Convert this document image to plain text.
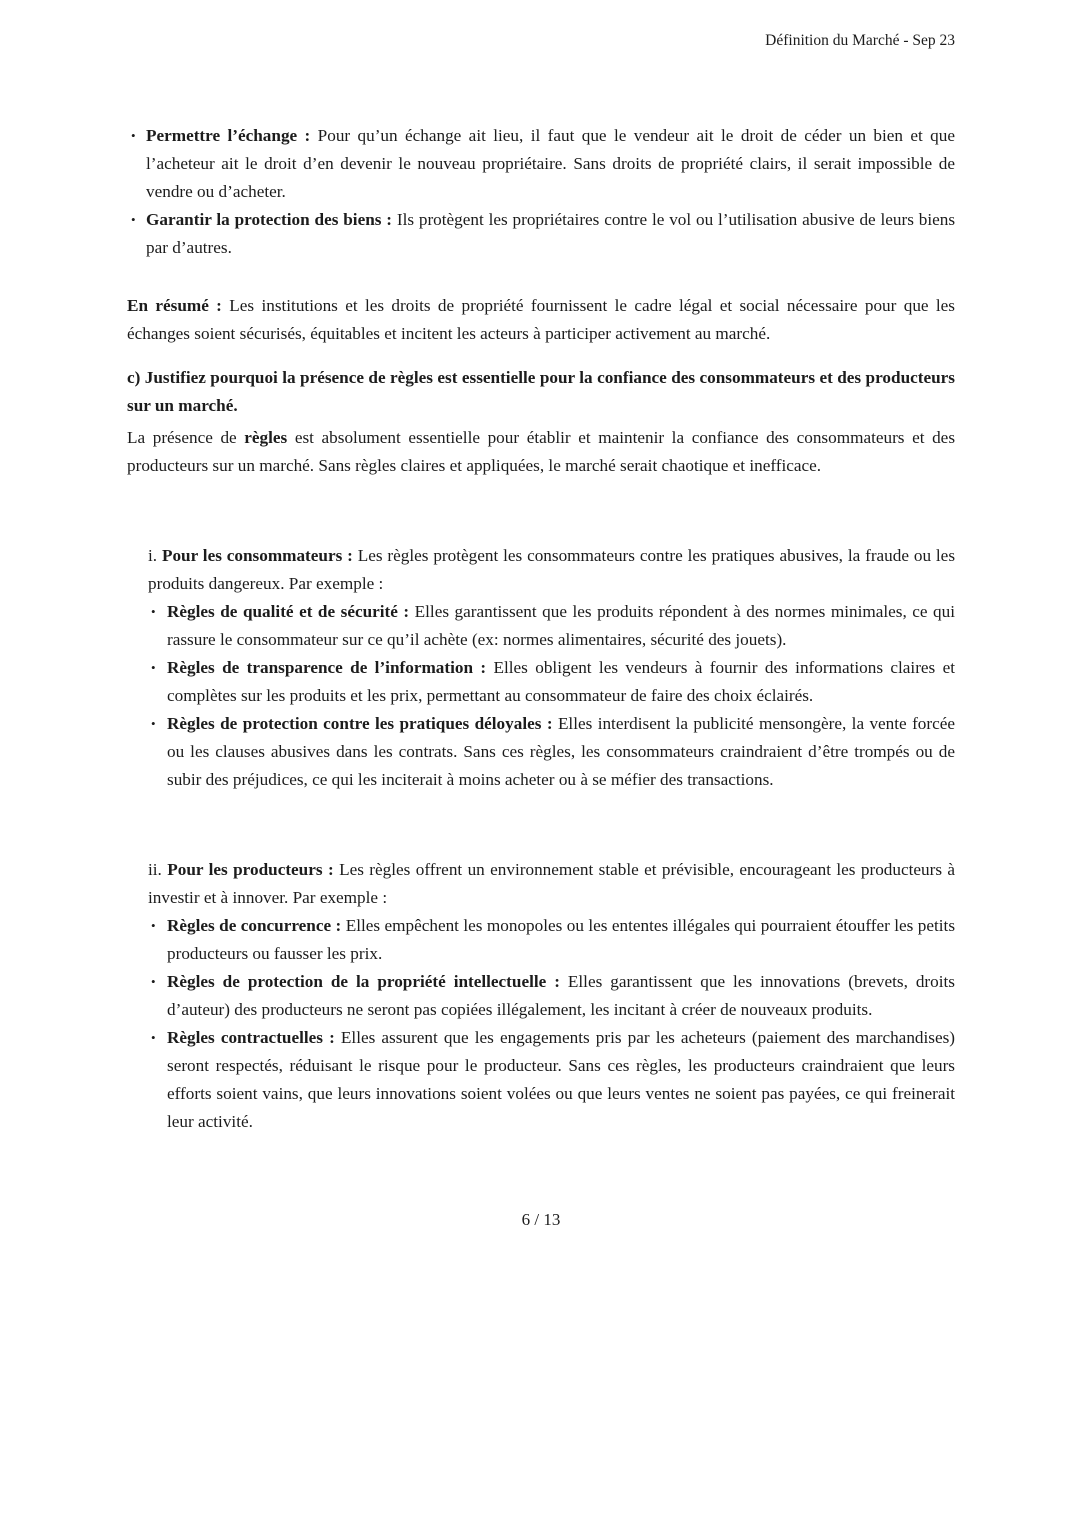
Définition du Marché - Sep 23
• Permettre l’échange : Pour qu’un échange ait lieu, il faut que le vendeur ait le droit de céder un bien et que l’acheteur ait le droit d’en devenir le nouveau propriétaire. Sans droits de propriété clairs, il serait impossible de vendre ou d’acheter.
• Garantir la protection des biens : Ils protègent les propriétaires contre le vol ou l’utilisation abusive de leurs biens par d’autres.

En résumé : Les institutions et les droits de propriété fournissent le cadre légal et social nécessaire pour que les échanges soient sécurisés, équitables et incitent les acteurs à participer activement au marché.

c) Justifiez pourquoi la présence de règles est essentielle pour la confiance des consommateurs et des producteurs sur un marché.

La présence de règles est absolument essentielle pour établir et maintenir la confiance des consommateurs et des producteurs sur un marché. Sans règles claires et appliquées, le marché serait chaotique et inefficace.

i. Pour les consommateurs : Les règles protègent les consommateurs contre les pratiques abusives, la fraude ou les produits dangereux. Par exemple :

• Règles de qualité et de sécurité : Elles garantissent que les produits répondent à des normes minimales, ce qui rassure le consommateur sur ce qu’il achète (ex: normes alimentaires, sécurité des jouets).
• Règles de transparence de l’information : Elles obligent les vendeurs à fournir des informations claires et complètes sur les produits et les prix, permettant au consommateur de faire des choix éclairés.
• Règles de protection contre les pratiques déloyales : Elles interdisent la publicité mensongère, la vente forcée ou les clauses abusives dans les contrats. Sans ces règles, les consommateurs craindraient d’être trompés ou de subir des préjudices, ce qui les inciterait à moins acheter ou à se méfier des transactions.

ii. Pour les producteurs : Les règles offrent un environnement stable et prévisible, encourageant les producteurs à investir et à innover. Par exemple :

• Règles de concurrence : Elles empêchent les monopoles ou les ententes illégales qui pourraient étouffer les petits producteurs ou fausser les prix.
• Règles de protection de la propriété intellectuelle : Elles garantissent que les innovations (brevets, droits d’auteur) des producteurs ne seront pas copiées illégalement, les incitant à créer de nouveaux produits.
• Règles contractuelles : Elles assurent que les engagements pris par les acheteurs (paiement des marchandises) seront respectés, réduisant le risque pour le producteur. Sans ces règles, les producteurs craindraient que leurs efforts soient vains, que leurs innovations soient volées ou que leurs ventes ne soient pas payées, ce qui freinerait leur activité.
6 / 13
